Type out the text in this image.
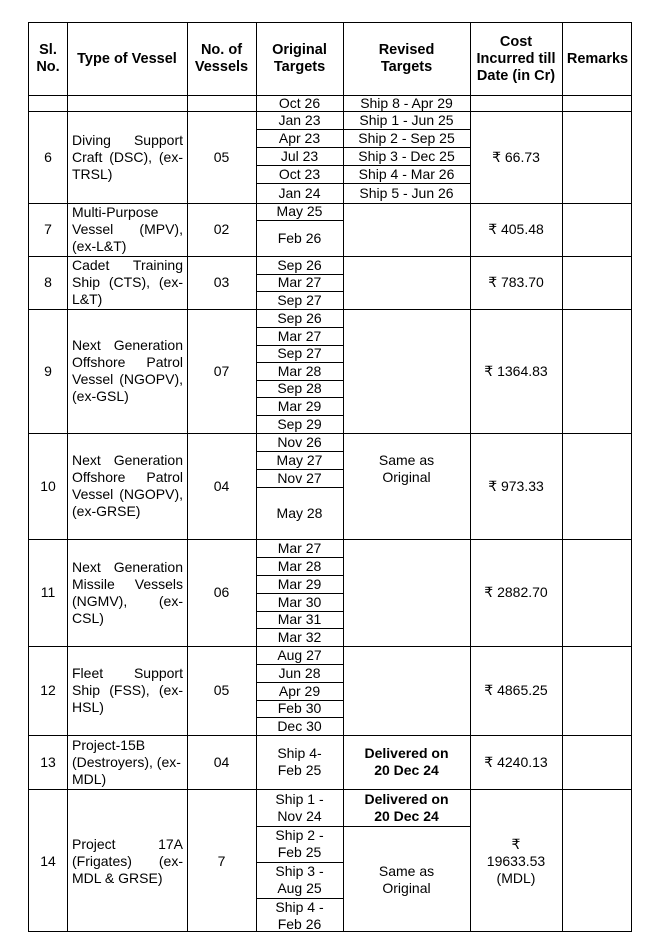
Sl. No.
Type of Vessel
No. of Vessels
Original Targets
Revised Targets
Cost Incurred till Date (in Cr)
Remarks
Oct 26	Ship 8 - Apr 29
6
Diving Support Craft (DSC), (ex-TRSL)
05
Jan 23
Apr 23
Jul 23
Oct 23
Jan 24
Ship 1 - Jun 25
Ship 2 - Sep 25
Ship 3 - Dec 25
Ship 4 - Mar 26
Ship 5 - Jun 26
₹ 66.73
7
Multi-Purpose Vessel (MPV), (ex-L&T)
02
May 25
Feb 26
₹ 405.48
8
Cadet Training Ship (CTS), (ex-L&T)
03
Sep 26
Mar 27
Sep 27
₹ 783.70
9
Next Generation Offshore Patrol Vessel (NGOPV), (ex-GSL)
07
Sep 26
Mar 27
Sep 27
Mar 28
Sep 28
Mar 29
Sep 29
₹ 1364.83
10
Next Generation Offshore Patrol Vessel (NGOPV), (ex-GRSE)
04
Nov 26
May 27
Nov 27
May 28
₹ 973.33
11
Next Generation Missile Vessels (NGMV), (ex-CSL)
06
Mar 27
Mar 28
Mar 29
Mar 30
Mar 31
Mar 32
₹ 2882.70
12
Fleet Support Ship (FSS), (ex-HSL)
05
Aug 27
Jun 28
Apr 29
Feb 30
Dec 30
₹ 4865.25
Same as Original
13
Project-15B (Destroyers), (ex- MDL)
04
Ship 4- Feb 25
Delivered on 20 Dec 24
₹ 4240.13
14
Project 17A (Frigates) (ex-MDL & GRSE)
7
Ship 1 - Nov 24
Ship 2 - Feb 25
Ship 3 - Aug 25
Ship 4 - Feb 26
Delivered on 20 Dec 24
Same as Original
₹ 19633.53 (MDL)
